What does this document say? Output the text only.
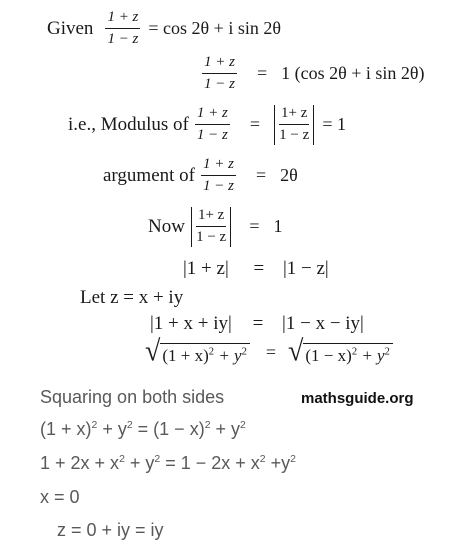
Given $\frac{1 + z}{1 - z} = \cos 2\theta + i$ sin 2θ
$\frac{1 + z}{1 - z} = 1$ (cos 2θ + i sin 2θ)
i.e., Modulus of $\frac{1 + z}{1 - z} = \frac{1+ z}{1 - z} = 1$
argument of $\frac{1 + z}{1 - z} = 2\theta$
Now $\frac{1+ z}{1 - z} = 1$
|1 + z| = |1 − z|
Let z = x + iy
|1 + x + iy| = |1 − x − iy|
√ $(1 + x)^2 + y^2$ = √ $(1 - x)^2 + y^2$
Squaring on both sides	mathsguide.org
$(1 + x)^2 + y^2 = (1 - x)^2 + y^2$
$1 + 2x + x^2 + y^2 = 1 - 2x + x^2 +y^2$
x = 0
z = 0 + iy = iy
